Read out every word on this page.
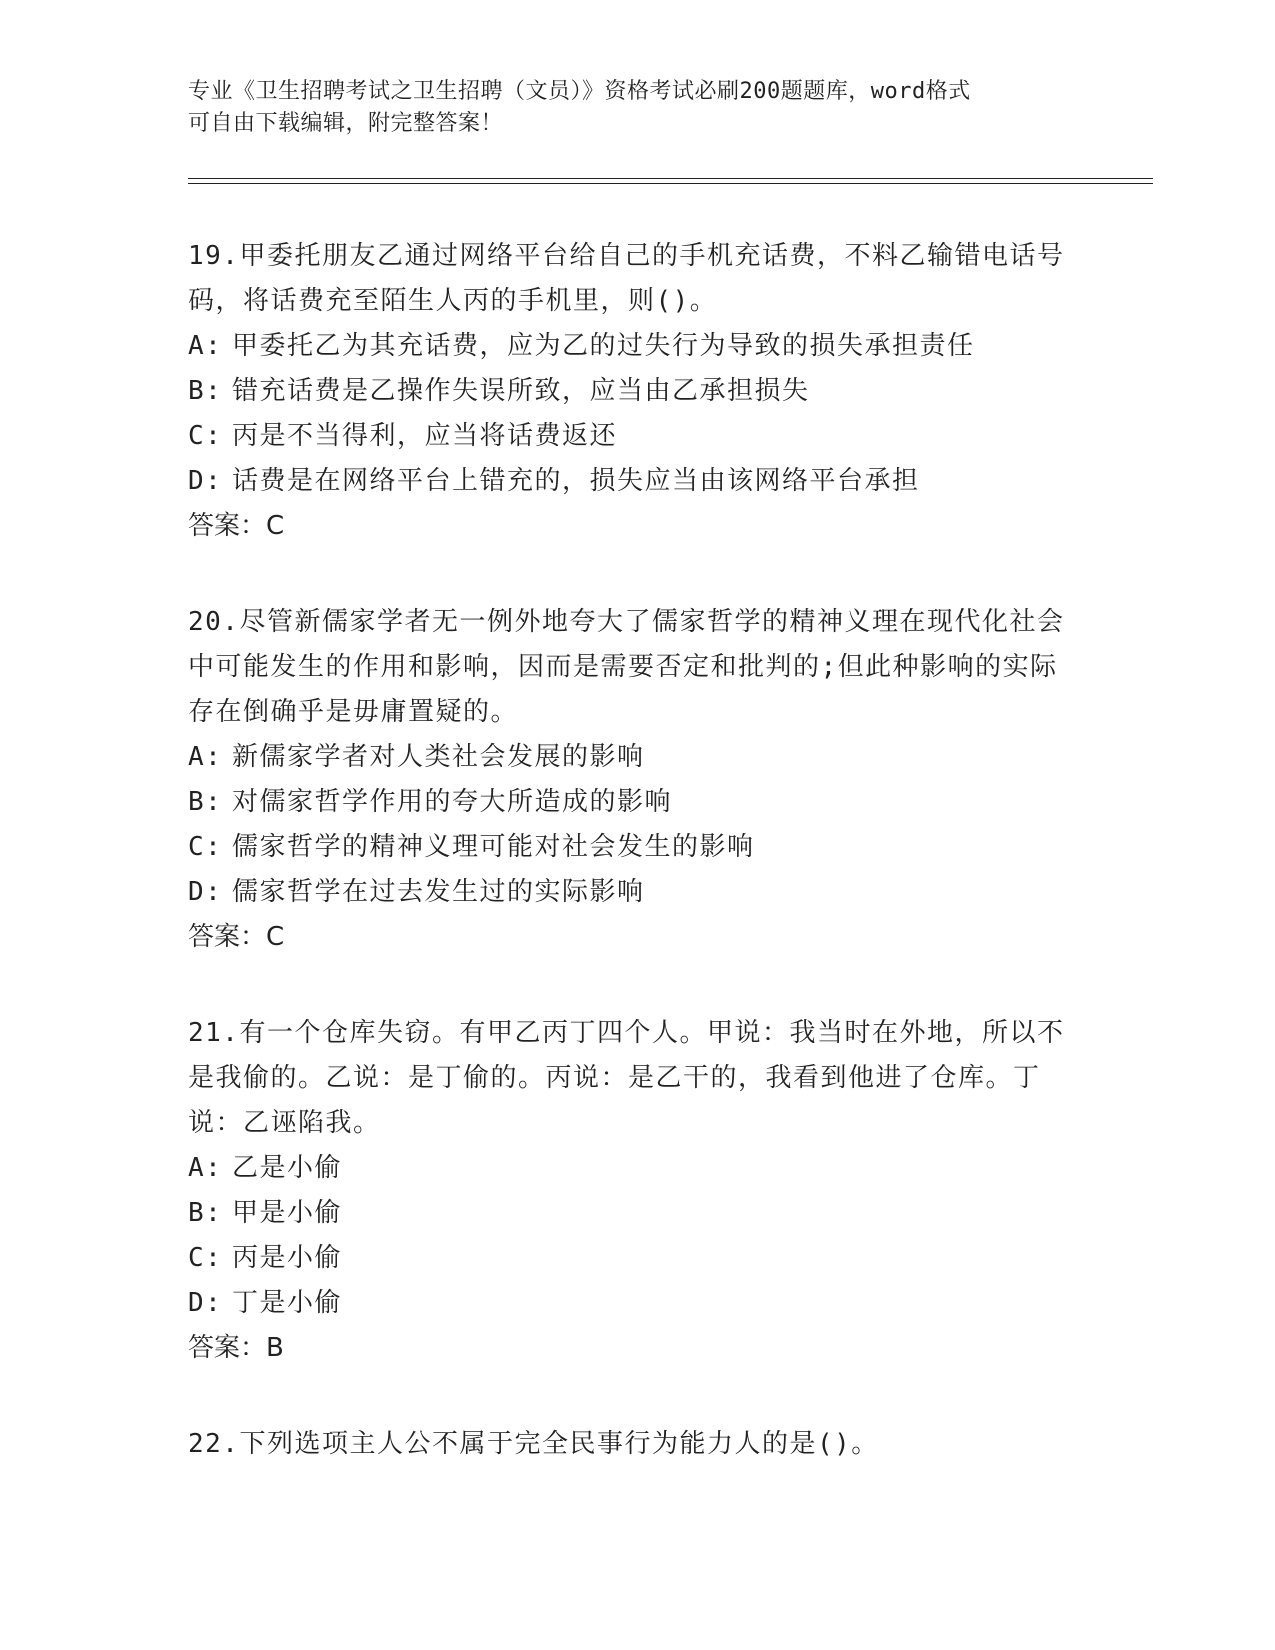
专业《卫生招聘考试之卫生招聘（文员）》资格考试必刷200题题库，word格式
可自由下载编辑，附完整答案！

19.甲委托朋友乙通过网络平台给自己的手机充话费，不料乙输错电话号码，将话费充至陌生人丙的手机里，则()。

A: 甲委托乙为其充话费，应为乙的过失行为导致的损失承担责任

B: 错充话费是乙操作失误所致，应当由乙承担损失

C: 丙是不当得利，应当将话费返还

D: 话费是在网络平台上错充的，损失应当由该网络平台承担

答案：C

20.尽管新儒家学者无一例外地夸大了儒家哲学的精神义理在现代化社会中可能发生的作用和影响，因而是需要否定和批判的;但此种影响的实际存在倒确乎是毋庸置疑的。

A: 新儒家学者对人类社会发展的影响

B: 对儒家哲学作用的夸大所造成的影响

C: 儒家哲学的精神义理可能对社会发生的影响

D: 儒家哲学在过去发生过的实际影响

答案：C

21.有一个仓库失窃。有甲乙丙丁四个人。甲说：我当时在外地，所以不是我偷的。乙说：是丁偷的。丙说：是乙干的，我看到他进了仓库。丁说：乙诬陷我。

A: 乙是小偷

B: 甲是小偷

C: 丙是小偷

D: 丁是小偷

答案：B

22.下列选项主人公不属于完全民事行为能力人的是()。
